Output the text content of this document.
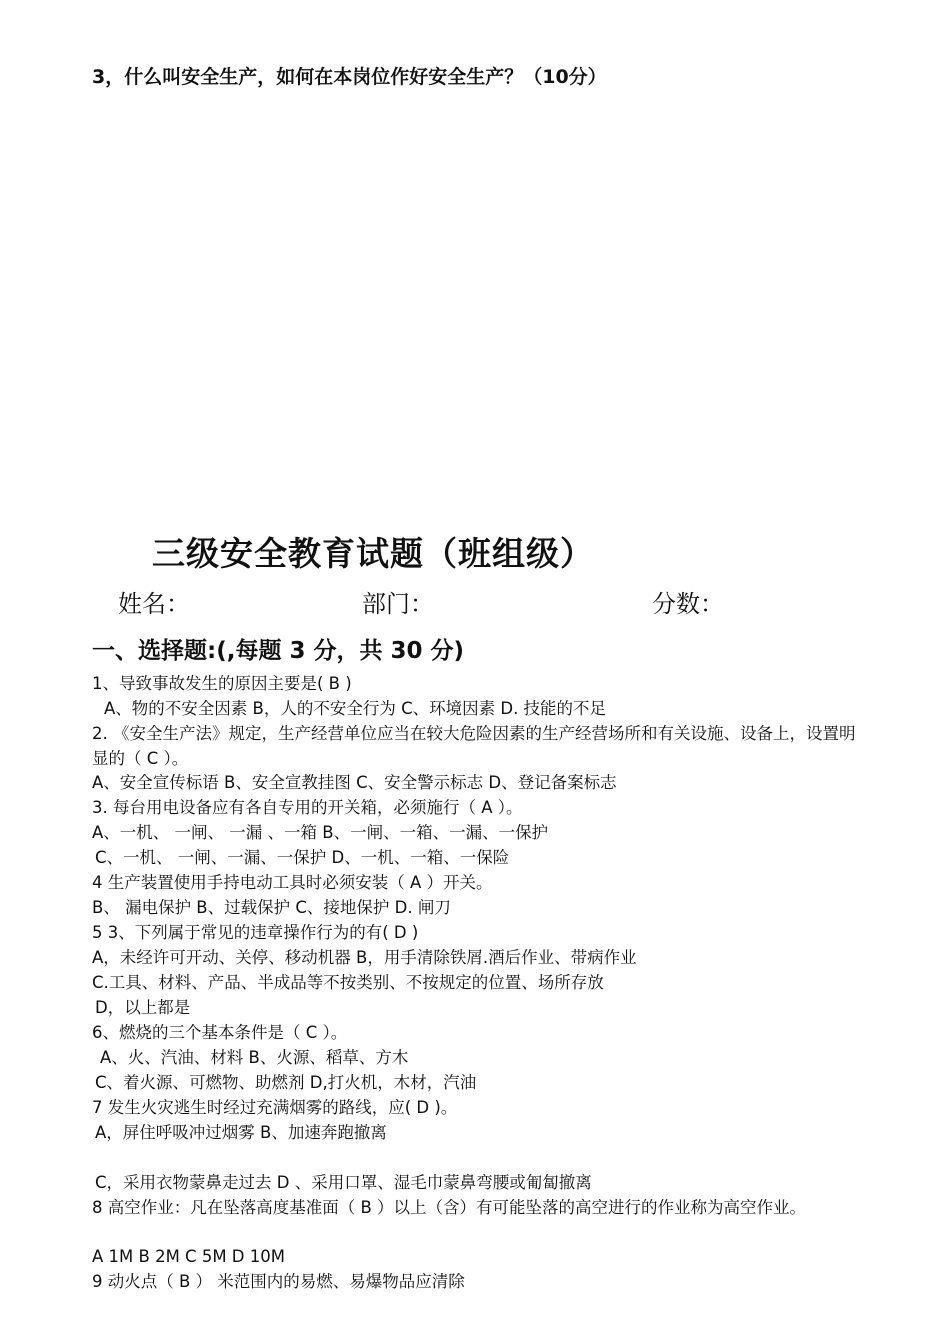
3，什么叫安全生产，如何在本岗位作好安全生产？（10分）
三级安全教育试题（班组级）
姓名：	部门：	分数：
一、选择题:(,每题 3 分，共 30 分)
1、导致事故发生的原因主要是( B )
A、物的不安全因素 B，人的不安全行为 C、环境因素 D. 技能的不足
2. 《安全生产法》规定，生产经营单位应当在较大危险因素的生产经营场所和有关设施、设备上，设置明显的（ C ）。
A、安全宣传标语 B、安全宣教挂图 C、安全警示标志 D、登记备案标志
3. 每台用电设备应有各自专用的开关箱，必须施行（ A ）。
A、一机、 一闸、 一漏 、一箱 B、一闸、一箱、一漏、一保护
C、一机、 一闸、一漏、一保护 D、一机、一箱、一保险
4 生产装置使用手持电动工具时必须安装（ A ）开关。
B、 漏电保护 B、过载保护 C、接地保护 D. 闸刀
5 3、下列属于常见的违章操作行为的有( D )
A，未经许可开动、关停、移动机器 B，用手清除铁屑.酒后作业、带病作业
C.工具、材料、产品、半成品等不按类别、不按规定的位置、场所存放
D，以上都是
6、燃烧的三个基本条件是（ C ）。
A、火、汽油、材料 B、火源、稻草、方木
C、着火源、可燃物、助燃剂 D,打火机，木材，汽油
7 发生火灾逃生时经过充满烟雾的路线，应( D )。
A，屏住呼吸冲过烟雾 B、加速奔跑撤离
C，采用衣物蒙鼻走过去 D 、采用口罩、湿毛巾蒙鼻弯腰或匍匐撤离
8 高空作业：凡在坠落高度基准面（ B ）以上（含）有可能坠落的高空进行的作业称为高空作业。
A 1M B 2M C 5M D 10M
9 动火点（ B ） 米范围内的易燃、易爆物品应清除
